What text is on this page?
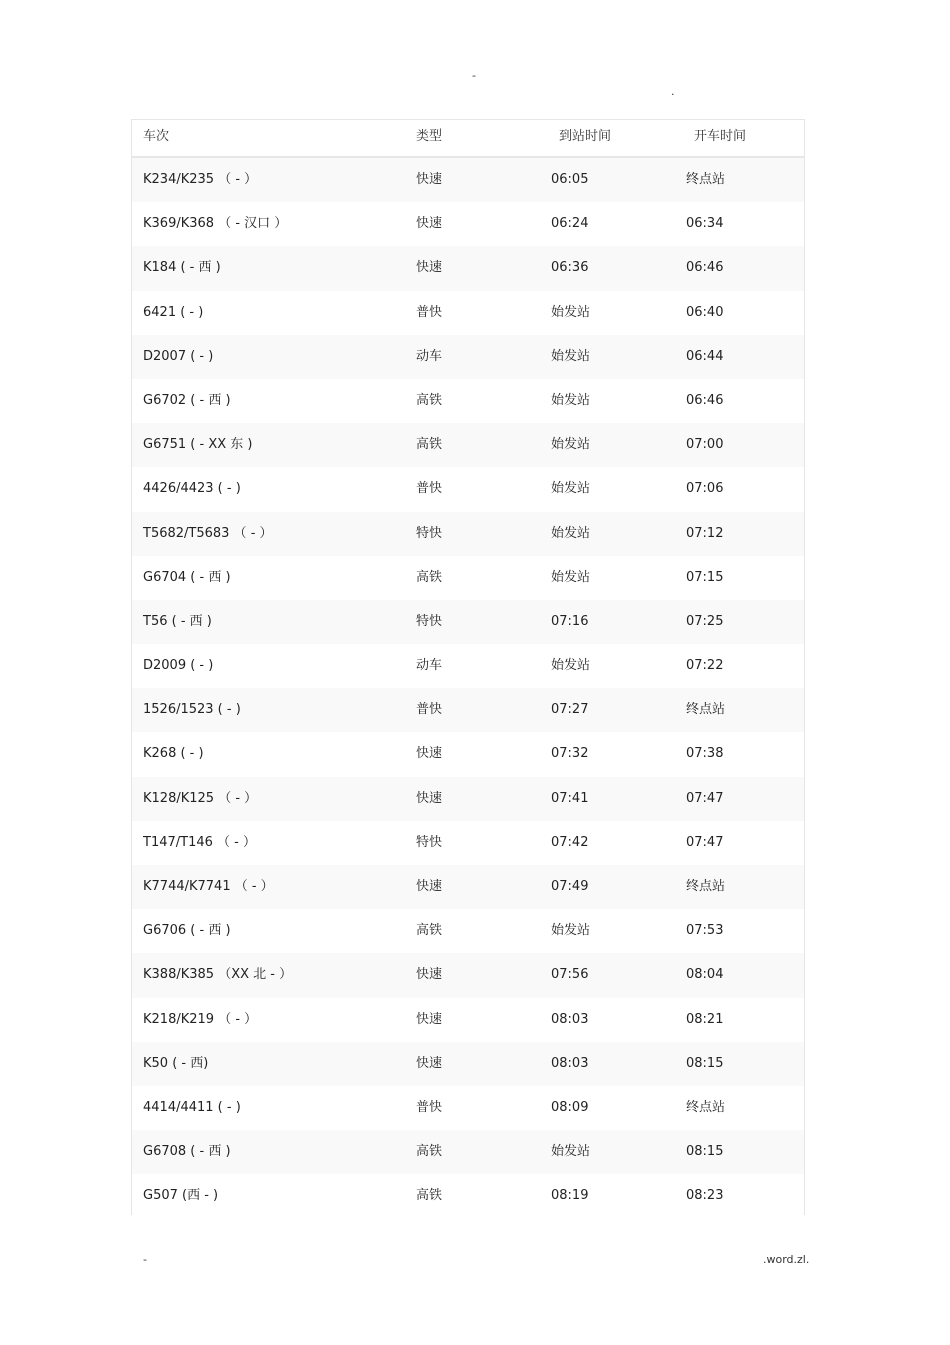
-
.
车次	类型	到站时间	开车时间
K234/K235 （ - ）	快速	06:05	终点站
K369/K368 （ - 汉口 ）	快速	06:24	06:34
K184 ( - 西 )	快速	06:36	06:46
6421 ( - )	普快	始发站	06:40
D2007 ( - )	动车	始发站	06:44
G6702 ( - 西 )	高铁	始发站	06:46
G6751 ( - XX 东 )	高铁	始发站	07:00
4426/4423 ( - )	普快	始发站	07:06
T5682/T5683 （ - ）	特快	始发站	07:12
G6704 ( - 西 )	高铁	始发站	07:15
T56 ( - 西 )	特快	07:16	07:25
D2009 ( - )	动车	始发站	07:22
1526/1523 ( - )	普快	07:27	终点站
K268 ( - )	快速	07:32	07:38
K128/K125 （ - ）	快速	07:41	07:47
T147/T146 （ - ）	特快	07:42	07:47
K7744/K7741 （ - ）	快速	07:49	终点站
G6706 ( - 西 )	高铁	始发站	07:53
K388/K385 （XX 北 - ）	快速	07:56	08:04
K218/K219 （ - ）	快速	08:03	08:21
K50 ( - 西)	快速	08:03	08:15
4414/4411 ( - )	普快	08:09	终点站
G6708 ( - 西 )	高铁	始发站	08:15
G507 (西 - )	高铁	08:19	08:23
-	.word.zl.
